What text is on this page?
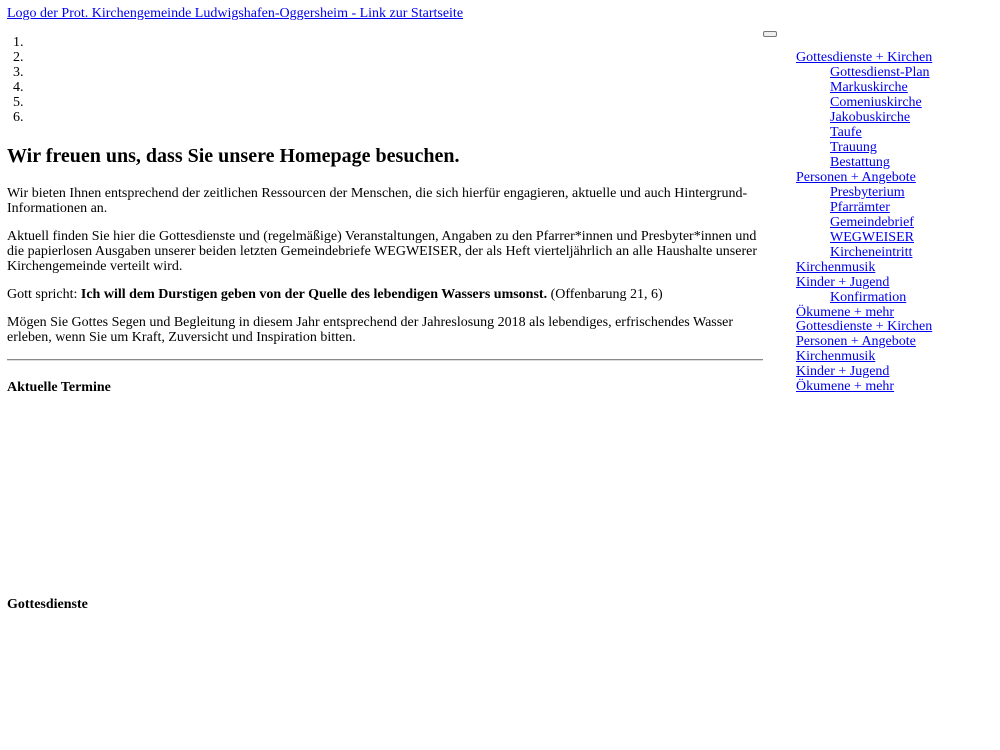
Logo der Prot. Kirchengemeinde Ludwigshafen-Oggersheim - Link zur Startseite
Wir freuen uns, dass Sie unsere Homepage besuchen.

Wir bieten Ihnen entsprechend der zeitlichen Ressourcen der Menschen, die sich hierfür engagieren, aktuelle und auch Hintergrund-Informationen an.

Aktuell finden Sie hier die Gottesdienste und (regelmäßige) Veranstaltungen, Angaben zu den Pfarrer*innen und Presbyter*innen und die papierlosen Ausgaben unserer beiden letzten Gemeindebriefe WEGWEISER, der als Heft vierteljährlich an alle Haushalte unserer Kirchengemeinde verteilt wird.

Gott spricht: Ich will dem Durstigen geben von der Quelle des lebendigen Wassers umsonst. (Offenbarung 21, 6)

Mögen Sie Gottes Segen und Begleitung in diesem Jahr entsprechend der Jahreslosung 2018 als lebendiges, erfrischendes Wasser erleben, wenn Sie um Kraft, Zuversicht und Inspiration bitten.

Aktuelle Termine
Gottesdienste
Gottesdienste + Kirchen
Gottesdienst-Plan
Markuskirche
Comeniuskirche
Jakobuskirche
Taufe
Trauung
Bestattung
Personen + Angebote
Presbyterium
Pfarrämter
Gemeindebrief WEGWEISER
Kircheneintritt
Kirchenmusik
Kinder + Jugend
Konfirmation
Ökumene + mehr
Gottesdienste + Kirchen
Personen + Angebote
Kirchenmusik
Kinder + Jugend
Ökumene + mehr
